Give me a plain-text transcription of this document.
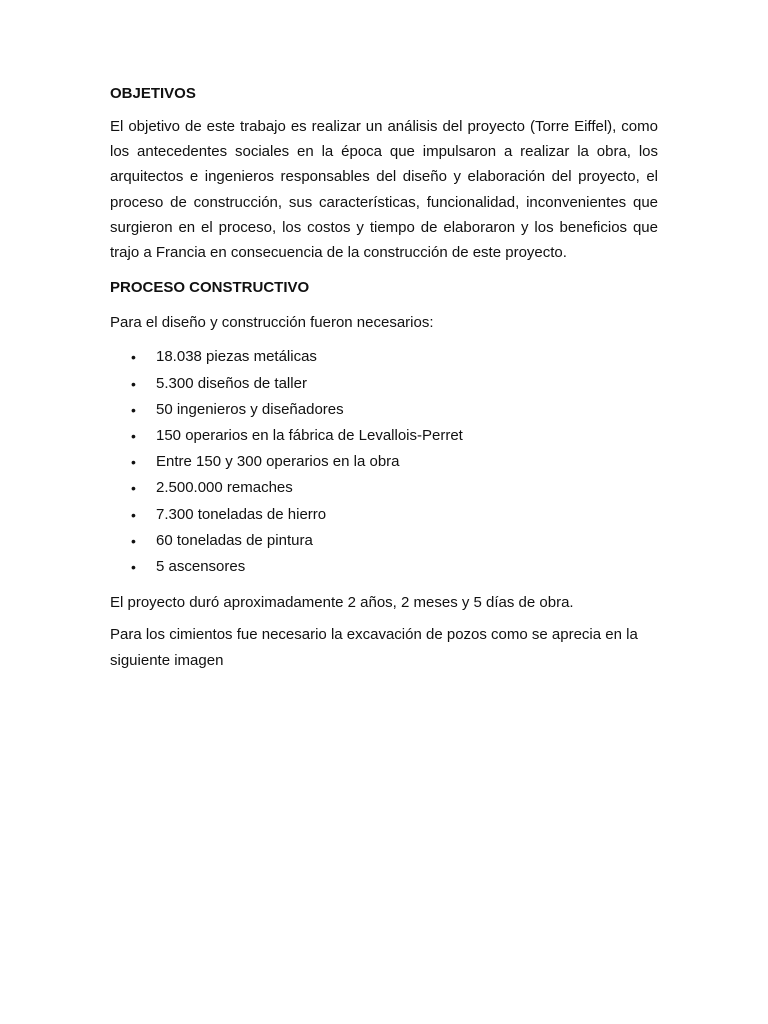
OBJETIVOS

El objetivo de este trabajo es realizar un análisis del proyecto (Torre Eiffel), como los antecedentes sociales en la época que impulsaron a realizar la obra, los arquitectos e ingenieros responsables del diseño y elaboración del proyecto, el proceso de construcción, sus características, funcionalidad, inconvenientes que surgieron en el proceso, los costos y tiempo de elaboraron y los beneficios que trajo a Francia en consecuencia de la construcción de este proyecto.

PROCESO CONSTRUCTIVO

Para el diseño y construcción fueron necesarios:

• 18.038 piezas metálicas
• 5.300 diseños de taller
• 50 ingenieros y diseñadores
• 150 operarios en la fábrica de Levallois-Perret
• Entre 150 y 300 operarios en la obra
• 2.500.000 remaches
• 7.300 toneladas de hierro
• 60 toneladas de pintura
• 5 ascensores

El proyecto duró aproximadamente 2 años, 2 meses y 5 días de obra.

Para los cimientos fue necesario la excavación de pozos como se aprecia en la siguiente imagen
